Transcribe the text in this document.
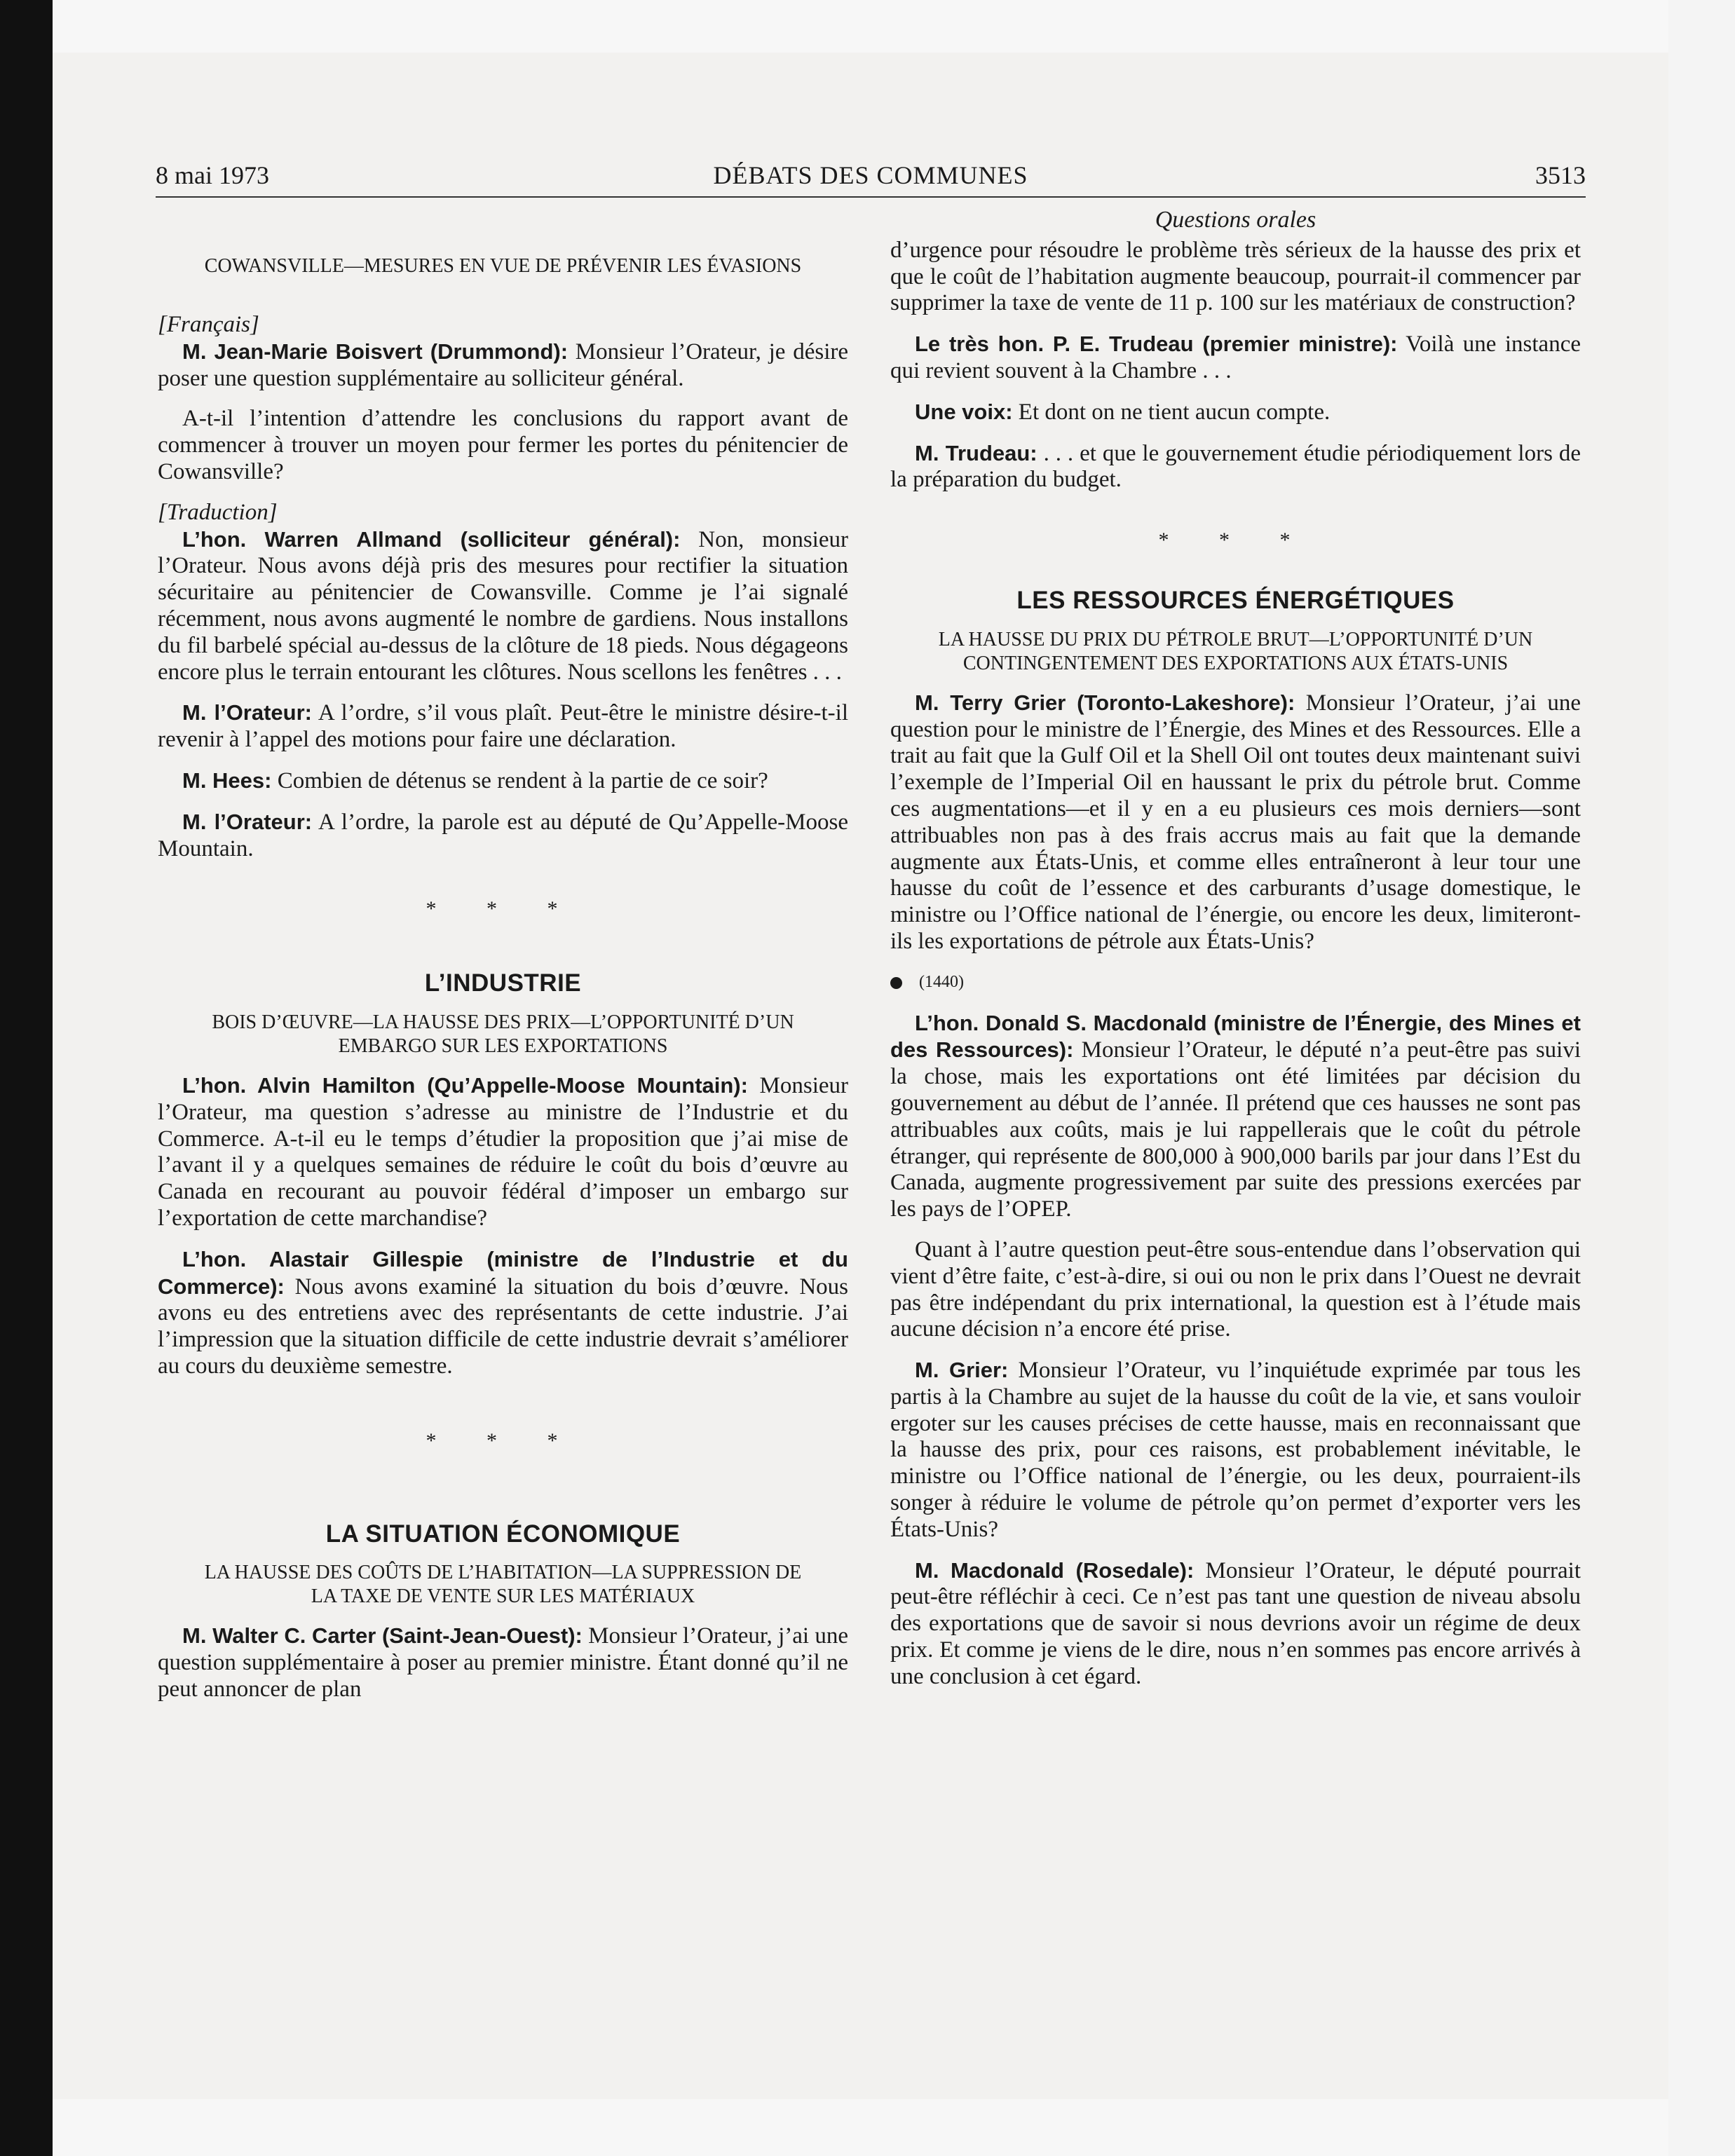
8 mai 1973	DÉBATS DES COMMUNES	3513

COWANSVILLE—MESURES EN VUE DE PRÉVENIR LES ÉVASIONS

[Français]

M. Jean-Marie Boisvert (Drummond): Monsieur l’Orateur, je désire poser une question supplémentaire au solliciteur général.

A-t-il l’intention d’attendre les conclusions du rapport avant de commencer à trouver un moyen pour fermer les portes du pénitencier de Cowansville?

[Traduction]

L’hon. Warren Allmand (solliciteur général): Non, monsieur l’Orateur. Nous avons déjà pris des mesures pour rectifier la situation sécuritaire au pénitencier de Cowansville. Comme je l’ai signalé récemment, nous avons augmenté le nombre de gardiens. Nous installons du fil barbelé spécial au-dessus de la clôture de 18 pieds. Nous dégageons encore plus le terrain entourant les clôtures. Nous scellons les fenêtres . . .

M. l’Orateur: A l’ordre, s’il vous plaît. Peut-être le ministre désire-t-il revenir à l’appel des motions pour faire une déclaration.

M. Hees: Combien de détenus se rendent à la partie de ce soir?

M. l’Orateur: A l’ordre, la parole est au député de Qu’Appelle-Moose Mountain.

* * *

L’INDUSTRIE

BOIS D’ŒUVRE—LA HAUSSE DES PRIX—L’OPPORTUNITÉ D’UN EMBARGO SUR LES EXPORTATIONS

L’hon. Alvin Hamilton (Qu’Appelle-Moose Mountain): Monsieur l’Orateur, ma question s’adresse au ministre de l’Industrie et du Commerce. A-t-il eu le temps d’étudier la proposition que j’ai mise de l’avant il y a quelques semaines de réduire le coût du bois d’œuvre au Canada en recourant au pouvoir fédéral d’imposer un embargo sur l’exportation de cette marchandise?

L’hon. Alastair Gillespie (ministre de l’Industrie et du Commerce): Nous avons examiné la situation du bois d’œuvre. Nous avons eu des entretiens avec des représentants de cette industrie. J’ai l’impression que la situation difficile de cette industrie devrait s’améliorer au cours du deuxième semestre.

* * *

LA SITUATION ÉCONOMIQUE

LA HAUSSE DES COÛTS DE L’HABITATION—LA SUPPRESSION DE LA TAXE DE VENTE SUR LES MATÉRIAUX

M. Walter C. Carter (Saint-Jean-Ouest): Monsieur l’Orateur, j’ai une question supplémentaire à poser au premier ministre. Étant donné qu’il ne peut annoncer de plan

Questions orales

d’urgence pour résoudre le problème très sérieux de la hausse des prix et que le coût de l’habitation augmente beaucoup, pourrait-il commencer par supprimer la taxe de vente de 11 p. 100 sur les matériaux de construction?

Le très hon. P. E. Trudeau (premier ministre): Voilà une instance qui revient souvent à la Chambre . . .

Une voix: Et dont on ne tient aucun compte.

M. Trudeau: . . . et que le gouvernement étudie périodiquement lors de la préparation du budget.

* * *

LES RESSOURCES ÉNERGÉTIQUES

LA HAUSSE DU PRIX DU PÉTROLE BRUT—L’OPPORTUNITÉ D’UN CONTINGENTEMENT DES EXPORTATIONS AUX ÉTATS-UNIS

M. Terry Grier (Toronto-Lakeshore): Monsieur l’Orateur, j’ai une question pour le ministre de l’Énergie, des Mines et des Ressources. Elle a trait au fait que la Gulf Oil et la Shell Oil ont toutes deux maintenant suivi l’exemple de l’Imperial Oil en haussant le prix du pétrole brut. Comme ces augmentations—et il y en a eu plusieurs ces mois derniers—sont attribuables non pas à des frais accrus mais au fait que la demande augmente aux États-Unis, et comme elles entraîneront à leur tour une hausse du coût de l’essence et des carburants d’usage domestique, le ministre ou l’Office national de l’énergie, ou encore les deux, limiteront-ils les exportations de pétrole aux États-Unis?

(1440)

L’hon. Donald S. Macdonald (ministre de l’Énergie, des Mines et des Ressources): Monsieur l’Orateur, le député n’a peut-être pas suivi la chose, mais les exportations ont été limitées par décision du gouvernement au début de l’année. Il prétend que ces hausses ne sont pas attribuables aux coûts, mais je lui rappellerais que le coût du pétrole étranger, qui représente de 800,000 à 900,000 barils par jour dans l’Est du Canada, augmente progressivement par suite des pressions exercées par les pays de l’OPEP.

Quant à l’autre question peut-être sous-entendue dans l’observation qui vient d’être faite, c’est-à-dire, si oui ou non le prix dans l’Ouest ne devrait pas être indépendant du prix international, la question est à l’étude mais aucune décision n’a encore été prise.

M. Grier: Monsieur l’Orateur, vu l’inquiétude exprimée par tous les partis à la Chambre au sujet de la hausse du coût de la vie, et sans vouloir ergoter sur les causes précises de cette hausse, mais en reconnaissant que la hausse des prix, pour ces raisons, est probablement inévitable, le ministre ou l’Office national de l’énergie, ou les deux, pourraient-ils songer à réduire le volume de pétrole qu’on permet d’exporter vers les États-Unis?

M. Macdonald (Rosedale): Monsieur l’Orateur, le député pourrait peut-être réfléchir à ceci. Ce n’est pas tant une question de niveau absolu des exportations que de savoir si nous devrions avoir un régime de deux prix. Et comme je viens de le dire, nous n’en sommes pas encore arrivés à une conclusion à cet égard.
